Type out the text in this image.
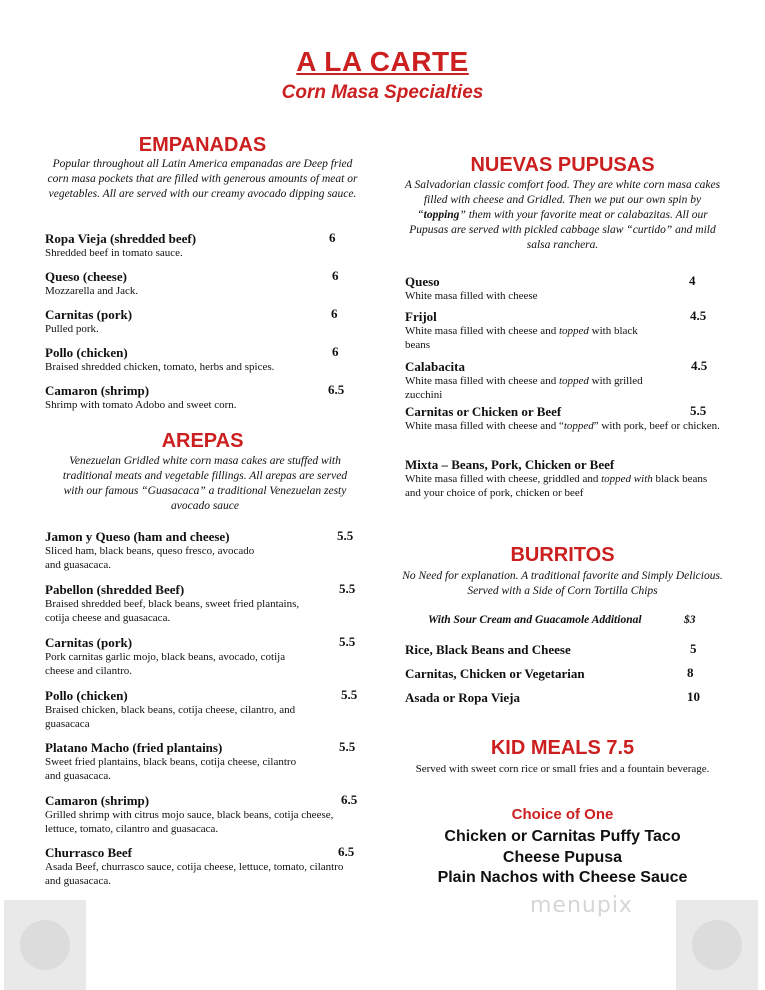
A LA CARTE
Corn Masa Specialties
EMPANADAS
Popular throughout all Latin America empanadas are Deep fried corn masa pockets that are filled with generous amounts of meat or vegetables. All are served with our creamy avocado dipping sauce.
Ropa Vieja (shredded beef)	6
Shredded beef in tomato sauce.
Queso (cheese)	6
Mozzarella and Jack.
Carnitas (pork)	6
Pulled pork.
Pollo (chicken)	6
Braised shredded chicken, tomato, herbs and spices.
Camaron (shrimp)	6.5
Shrimp with tomato Adobo and sweet corn.
AREPAS
Venezuelan Gridled white corn masa cakes are stuffed with traditional meats and vegetable fillings. All arepas are served with our famous “Guasacaca” a traditional Venezuelan zesty avocado sauce
Jamon y Queso (ham and cheese)	5.5
Sliced ham, black beans, queso fresco, avocado and guasacaca.
Pabellon (shredded Beef)	5.5
Braised shredded beef, black beans, sweet fried plantains, cotija cheese and guasacaca.
Carnitas (pork)	5.5
Pork carnitas garlic mojo, black beans, avocado, cotija cheese and cilantro.
Pollo (chicken)	5.5
Braised chicken, black beans, cotija cheese, cilantro, and guasacaca
Platano Macho (fried plantains)	5.5
Sweet fried plantains, black beans, cotija cheese, cilantro and guasacaca.
Camaron (shrimp)	6.5
Grilled shrimp with citrus mojo sauce, black beans, cotija cheese, lettuce, tomato, cilantro and guasacaca.
Churrasco Beef	6.5
Asada Beef, churrasco sauce, cotija cheese, lettuce, tomato, cilantro and guasacaca.
NUEVAS PUPUSAS
A Salvadorian classic comfort food. They are white corn masa cakes filled with cheese and Gridled. Then we put our own spin by “topping” them with your favorite meat or calabazitas. All our Pupusas are served with pickled cabbage slaw “curtido” and mild salsa ranchera.
Queso	4
White masa filled with cheese
Frijol	4.5
White masa filled with cheese and topped with black beans
Calabacita	4.5
White masa filled with cheese and topped with grilled zucchini
Carnitas or Chicken or Beef	5.5
White masa filled with cheese and “topped” with pork, beef or chicken.
Mixta – Beans, Pork, Chicken or Beef
White masa filled with cheese, griddled and topped with black beans and your choice of pork, chicken or beef
BURRITOS
No Need for explanation. A traditional favorite and Simply Delicious. Served with a Side of Corn Tortilla Chips
With Sour Cream and Guacamole Additional	$3
Rice, Black Beans and Cheese	5
Carnitas, Chicken or Vegetarian	8
Asada or Ropa Vieja	10
KID MEALS 7.5
Served with sweet corn rice or small fries and a fountain beverage.
Choice of One
Chicken or Carnitas Puffy Taco
Cheese Pupusa
Plain Nachos with Cheese Sauce
menupix
